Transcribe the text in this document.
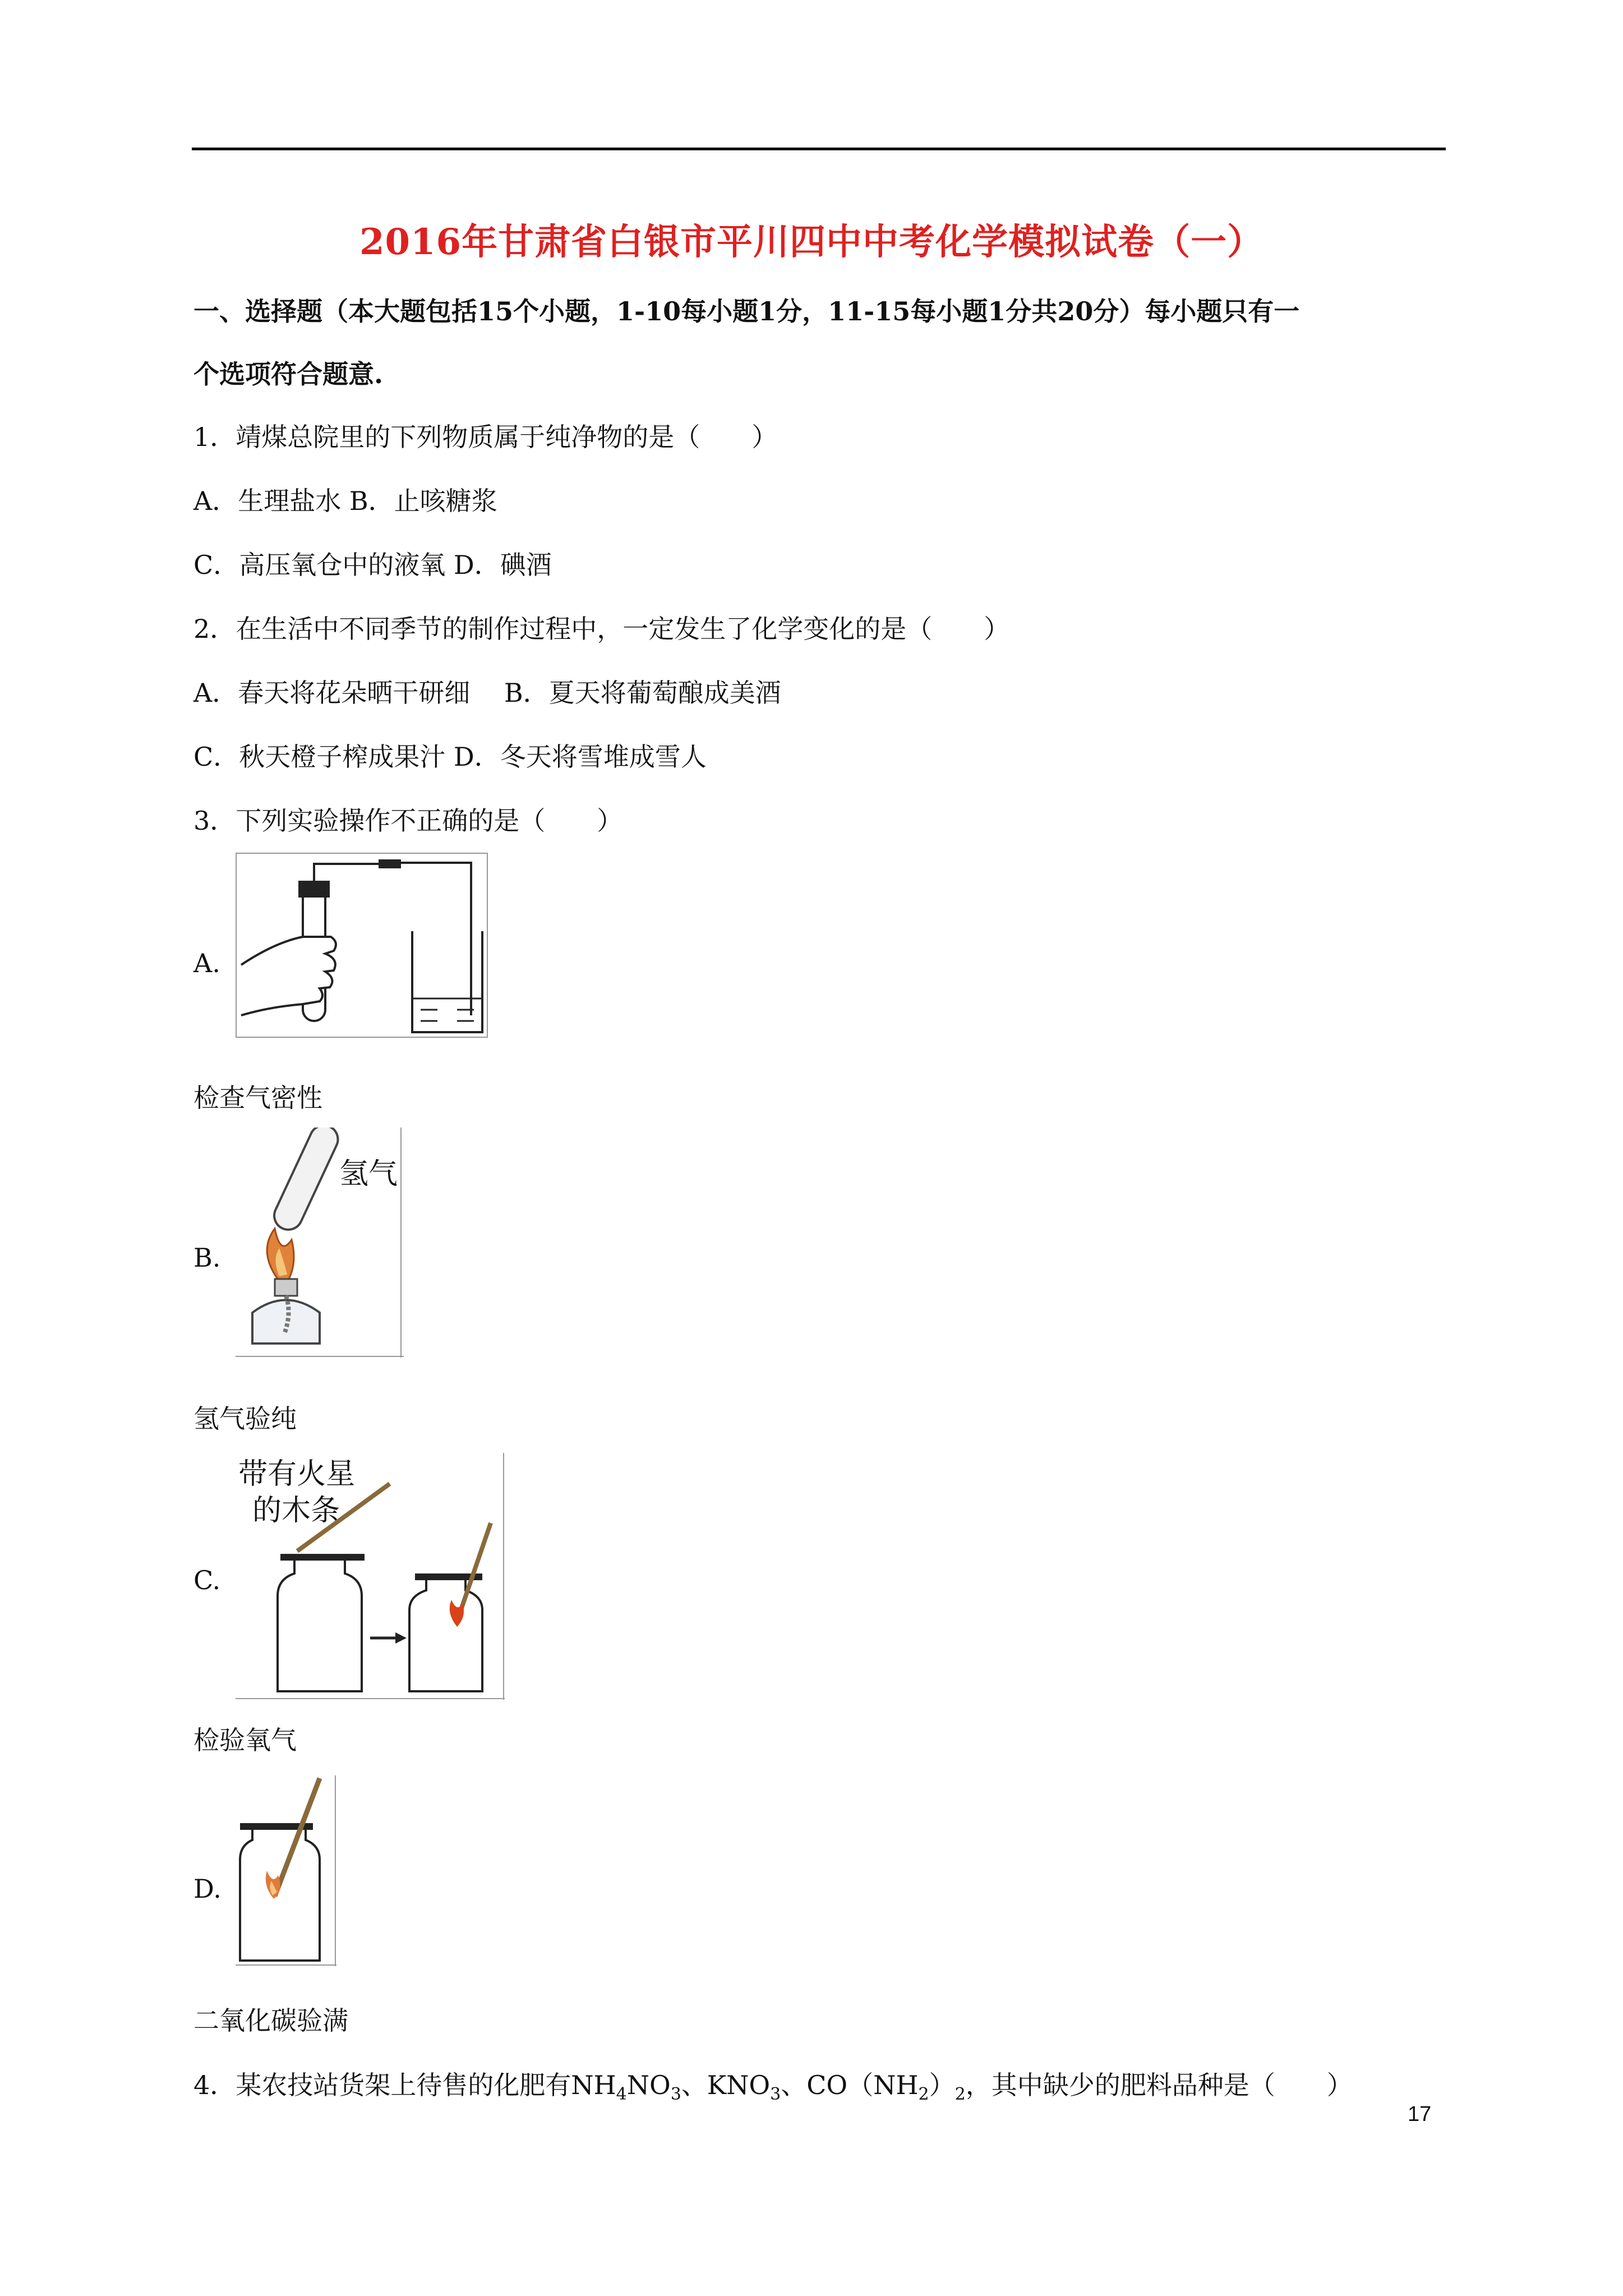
2016年甘肃省白银市平川四中中考化学模拟试卷（一）
一、选择题（本大题包括15个小题，1-10每小题1分，11-15每小题1分共20分）每小题只有一
个选项符合题意.
1．靖煤总院里的下列物质属于纯净物的是（　　）
A．生理盐水 B．止咳糖浆
C．高压氧仓中的液氧 D．碘酒
2．在生活中不同季节的制作过程中，一定发生了化学变化的是（　　）
A．春天将花朵晒干研细　 B．夏天将葡萄酿成美酒
C．秋天橙子榨成果汁 D．冬天将雪堆成雪人
3．下列实验操作不正确的是（　　）
A.
检查气密性
B.
氢气
氢气验纯
C.
带有火星
的木条
检验氧气
D.
二氧化碳验满
4．某农技站货架上待售的化肥有$NH_4NO_3$、$KNO_3$、$CO(NH_2)_2$，其中缺少的肥料品种是（　　）
17
